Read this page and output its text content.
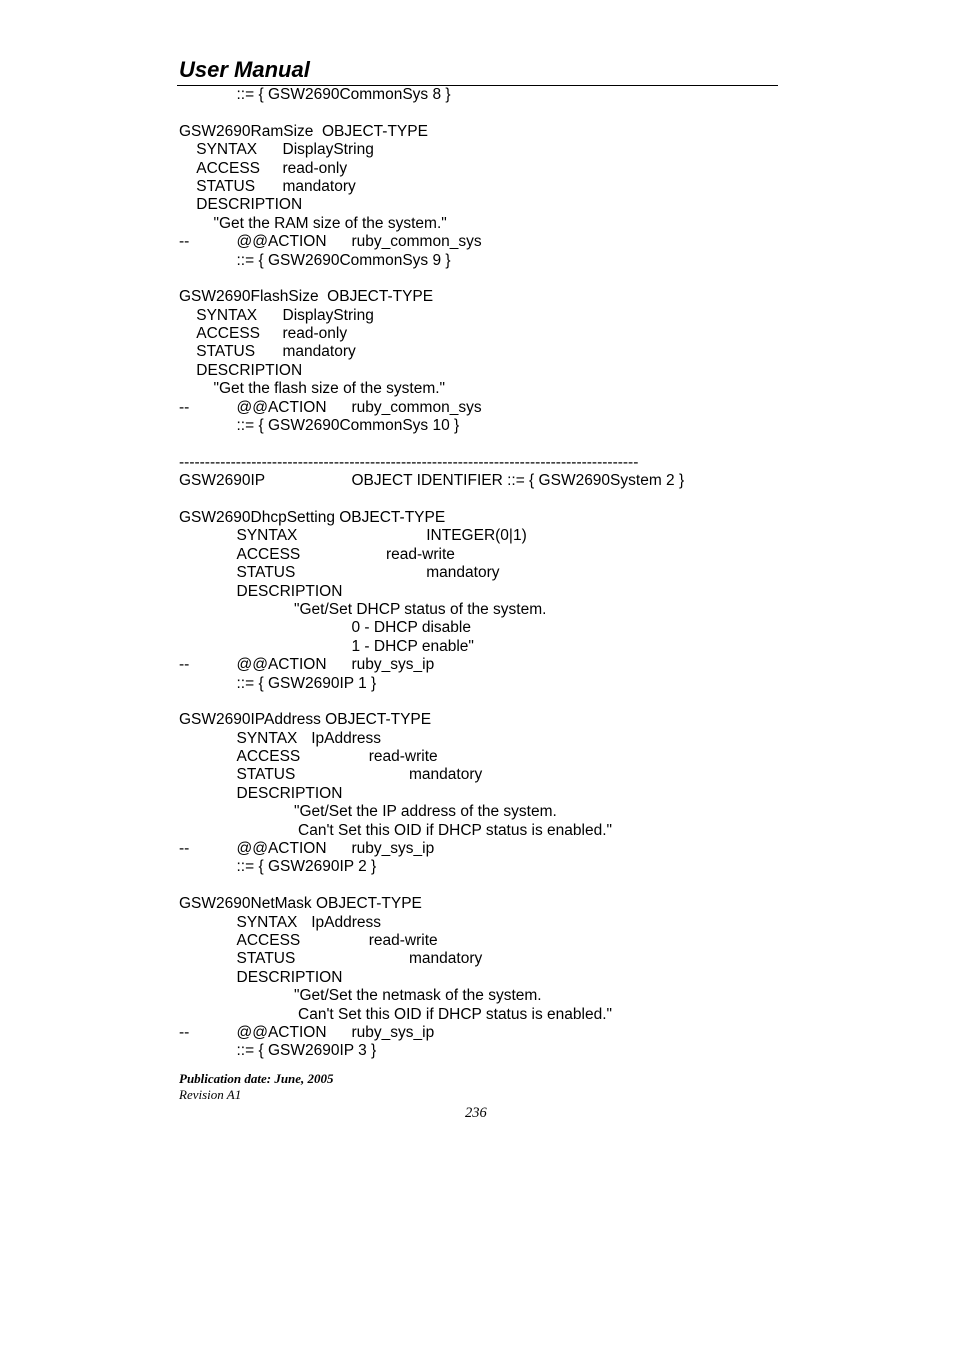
User Manual
::= { GSW2690CommonSys 8 }
GSW2690RamSize  OBJECT-TYPE
SYNTAX DisplayString
ACCESS read-only
STATUS mandatory
DESCRIPTION
"Get the RAM size of the system."
--	@@ACTION ruby_common_sys
::= { GSW2690CommonSys 9 }
GSW2690FlashSize  OBJECT-TYPE
SYNTAX DisplayString
ACCESS read-only
STATUS mandatory
DESCRIPTION
"Get the flash size of the system."
--	@@ACTION ruby_common_sys
::= { GSW2690CommonSys 10 }
-----------------------------------------------------------------------------------------
GSW2690IP	OBJECT IDENTIFIER ::= { GSW2690System 2 }
GSW2690DhcpSetting OBJECT-TYPE
SYNTAX	INTEGER(0|1)
ACCESS	read-write
STATUS	mandatory
DESCRIPTION
"Get/Set DHCP status of the system.
0 - DHCP disable
1 - DHCP enable"
--	@@ACTION ruby_sys_ip
::= { GSW2690IP 1 }
GSW2690IPAddress OBJECT-TYPE
SYNTAX IpAddress
ACCESS	read-write
STATUS	mandatory
DESCRIPTION
"Get/Set the IP address of the system.
Can't Set this OID if DHCP status is enabled."
--	@@ACTION ruby_sys_ip
::= { GSW2690IP 2 }
GSW2690NetMask OBJECT-TYPE
SYNTAX IpAddress
ACCESS	read-write
STATUS	mandatory
DESCRIPTION
"Get/Set the netmask of the system.
Can't Set this OID if DHCP status is enabled."
--	@@ACTION ruby_sys_ip
::= { GSW2690IP 3 }
Publication date: June, 2005
Revision A1
236
